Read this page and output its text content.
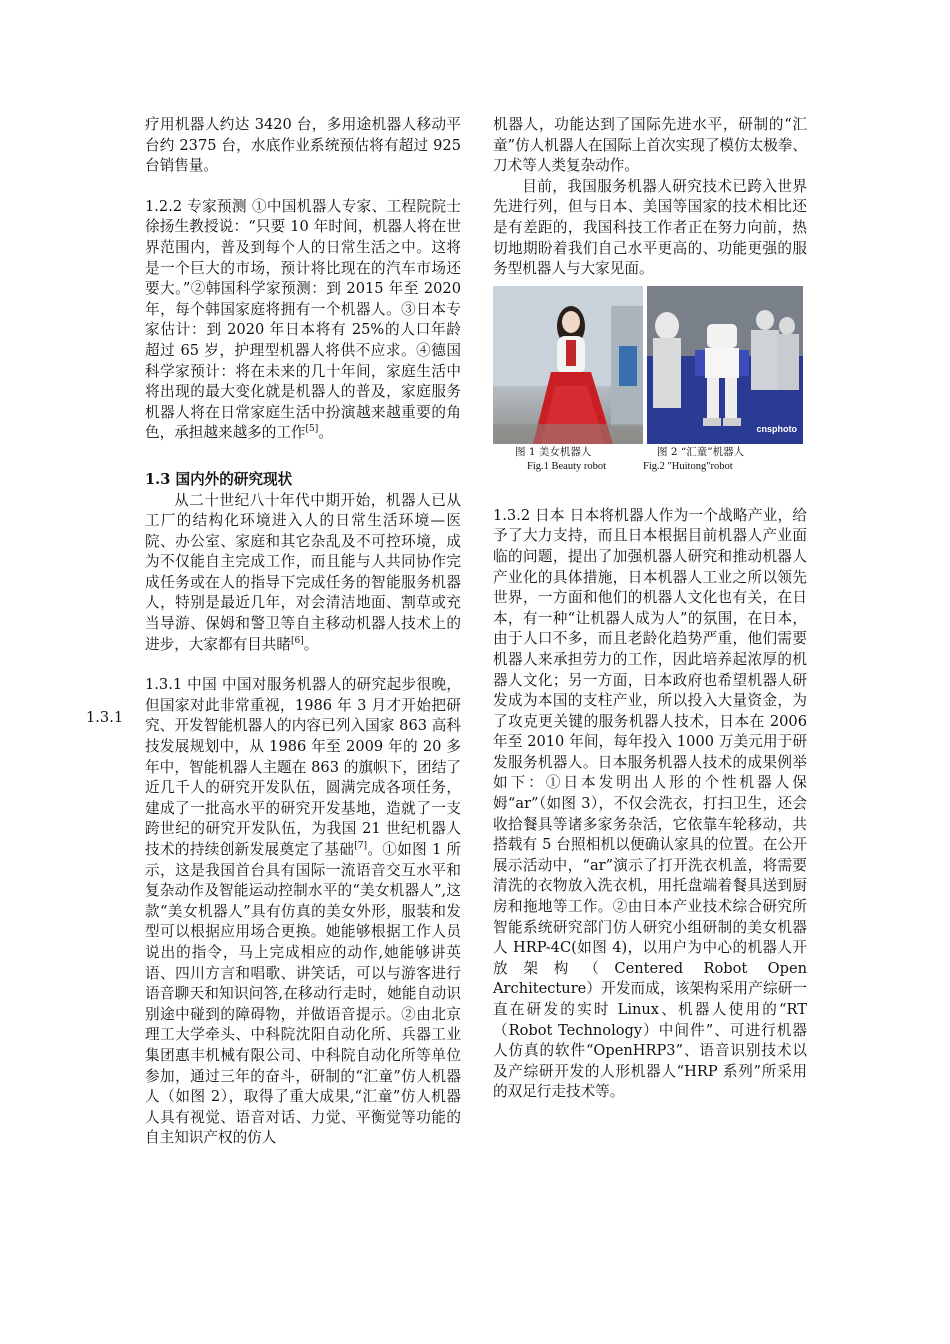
1.3.1

疗用机器人约达 3420 台，多用途机器人移动平台约 2375 台，水底作业系统预估将有超过 925 台销售量。

1.2.2 专家预测 ①中国机器人专家、工程院院士徐扬生教授说：“只要 10 年时间，机器人将在世界范围内，普及到每个人的日常生活之中。这将是一个巨大的市场，预计将比现在的汽车市场还要大。”②韩国科学家预测：到 2015 年至 2020 年，每个韩国家庭将拥有一个机器人。③日本专家估计：到 2020 年日本将有 25%的人口年龄超过 65 岁，护理型机器人将供不应求。④德国科学家预计：将在未来的几十年间，家庭生活中将出现的最大变化就是机器人的普及，家庭服务机器人将在日常家庭生活中扮演越来越重要的角色，承担越来越多的工作[5]。

1.3 国内外的研究现状

从二十世纪八十年代中期开始，机器人已从工厂的结构化环境进入人的日常生活环境—医院、办公室、家庭和其它杂乱及不可控环境，成为不仅能自主完成工作，而且能与人共同协作完成任务或在人的指导下完成任务的智能服务机器人，特别是最近几年，对会清洁地面、割草或充当导游、保姆和警卫等自主移动机器人技术上的进步，大家都有目共睹[6]。

1.3.1 中国 中国对服务机器人的研究起步很晚，但国家对此非常重视，1986 年 3 月才开始把研究、开发智能机器人的内容已列入国家 863 高科技发展规划中，从 1986 年至 2009 年的 20 多年中，智能机器人主题在 863 的旗帜下，团结了近几千人的研究开发队伍，圆满完成各项任务，建成了一批高水平的研究开发基地，造就了一支跨世纪的研究开发队伍，为我国 21 世纪机器人技术的持续创新发展奠定了基础[7]。①如图 1 所示，这是我国首台具有国际一流语音交互水平和复杂动作及智能运动控制水平的“美女机器人”,这款“美女机器人”具有仿真的美女外形，服装和发型可以根据应用场合更换。她能够根据工作人员说出的指令，马上完成相应的动作,她能够讲英语、四川方言和唱歌、讲笑话，可以与游客进行语音聊天和知识问答,在移动行走时，她能自动识别途中碰到的障碍物，并做语音提示。②由北京理工大学牵头、中科院沈阳自动化所、兵器工业集团惠丰机械有限公司、中科院自动化所等单位参加，通过三年的奋斗，研制的“汇童”仿人机器人（如图 2），取得了重大成果,“汇童”仿人机器人具有视觉、语音对话、力觉、平衡觉等功能的自主知识产权的仿人

机器人，功能达到了国际先进水平，研制的“汇童”仿人机器人在国际上首次实现了模仿太极拳、刀术等人类复杂动作。

目前，我国服务机器人研究技术已跨入世界先进行列，但与日本、美国等国家的技术相比还是有差距的，我国科技工作者正在努力向前，热切地期盼着我们自己水平更高的、功能更强的服务型机器人与大家见面。

cnsphoto
图 1 美女机器人	图 2 “汇童”机器人
Fig.1 Beauty robot	Fig.2 "Huitong"robot

1.3.2 日本 日本将机器人作为一个战略产业，给予了大力支持，而且日本根据目前机器人产业面临的问题，提出了加强机器人研究和推动机器人产业化的具体措施，日本机器人工业之所以领先世界，一方面和他们的机器人文化也有关，在日本，有一种“让机器人成为人”的氛围，在日本，由于人口不多，而且老龄化趋势严重，他们需要机器人来承担劳力的工作，因此培养起浓厚的机器人文化；另一方面，日本政府也希望机器人研发成为本国的支柱产业，所以投入大量资金，为了攻克更关键的服务机器人技术，日本在 2006 年至 2010 年间，每年投入 1000 万美元用于研发服务机器人。日本服务机器人技术的成果例举如下：①日本发明出人形的个性机器人保姆“ar”（如图 3），不仅会洗衣，打扫卫生，还会收拾餐具等诸多家务杂活，它依靠车轮移动，共搭载有 5 台照相机以便确认家具的位置。在公开展示活动中，“ar”演示了打开洗衣机盖，将需要清洗的衣物放入洗衣机，用托盘端着餐具送到厨房和拖地等工作。②由日本产业技术综合研究所智能系统研究部门仿人研究小组研制的美女机器人 HRP-4C(如图 4)，以用户为中心的机器人开放架构（Centered Robot Open Architecture）开发而成，该架构采用产综研一直在研发的实时 Linux、机器人使用的“RT（Robot Technology）中间件”、可进行机器人仿真的软件“OpenHRP3”、语音识别技术以及产综研开发的人形机器人“HRP 系列”所采用的双足行走技术等。
